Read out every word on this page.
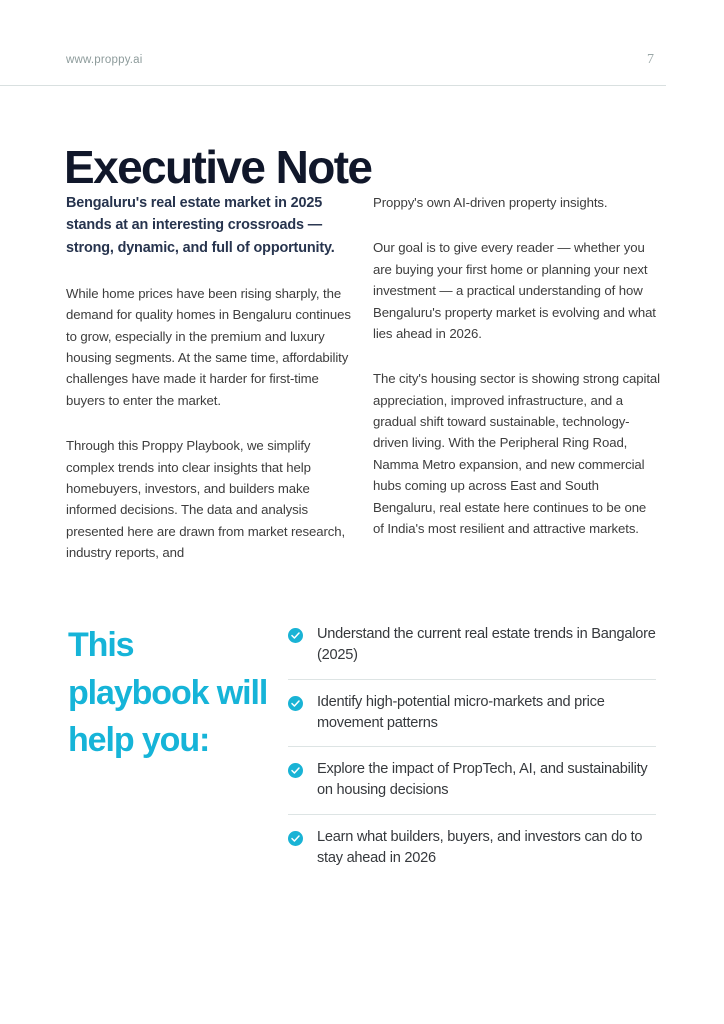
www.proppy.ai	7
Executive Note

Bengaluru's real estate market in 2025 stands at an interesting crossroads — strong, dynamic, and full of opportunity.

While home prices have been rising sharply, the demand for quality homes in Bengaluru continues to grow, especially in the premium and luxury housing segments. At the same time, affordability challenges have made it harder for first-time buyers to enter the market.

Through this Proppy Playbook, we simplify complex trends into clear insights that help homebuyers, investors, and builders make informed decisions. The data and analysis presented here are drawn from market research, industry reports, and

Proppy's own AI-driven property insights.

Our goal is to give every reader — whether you are buying your first home or planning your next investment — a practical understanding of how Bengaluru's property market is evolving and what lies ahead in 2026.

The city's housing sector is showing strong capital appreciation, improved infrastructure, and a gradual shift toward sustainable, technology-driven living. With the Peripheral Ring Road, Namma Metro expansion, and new commercial hubs coming up across East and South Bengaluru, real estate here continues to be one of India's most resilient and attractive markets.

This playbook will help you:
Understand the current real estate trends in Bangalore (2025)
Identify high-potential micro-markets and price movement patterns
Explore the impact of PropTech, AI, and sustainability on housing decisions
Learn what builders, buyers, and investors can do to stay ahead in 2026
